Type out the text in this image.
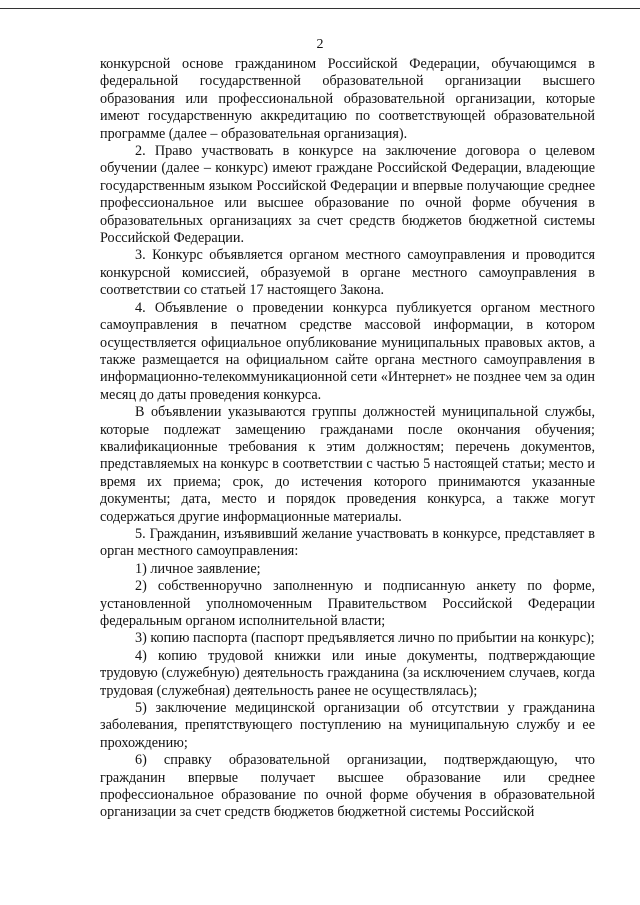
2

конкурсной основе гражданином Российской Федерации, обучающимся в федеральной государственной образовательной организации высшего образования или профессиональной образовательной организации, которые имеют государственную аккредитацию по соответствующей образовательной программе (далее – образовательная организация).

2. Право участвовать в конкурсе на заключение договора о целевом обучении (далее – конкурс) имеют граждане Российской Федерации, владеющие государственным языком Российской Федерации и впервые получающие среднее профессиональное или высшее образование по очной форме обучения в образовательных организациях за счет средств бюджетов бюджетной системы Российской Федерации.

3. Конкурс объявляется органом местного самоуправления и проводится конкурсной комиссией, образуемой в органе местного самоуправления в соответствии со статьей 17 настоящего Закона.

4. Объявление о проведении конкурса публикуется органом местного самоуправления в печатном средстве массовой информации, в котором осуществляется официальное опубликование муниципальных правовых актов, а также размещается на официальном сайте органа местного самоуправления в информационно-телекоммуникационной сети «Интернет» не позднее чем за один месяц до даты проведения конкурса.

В объявлении указываются группы должностей муниципальной службы, которые подлежат замещению гражданами после окончания обучения; квалификационные требования к этим должностям; перечень документов, представляемых на конкурс в соответствии с частью 5 настоящей статьи; место и время их приема; срок, до истечения которого принимаются указанные документы; дата, место и порядок проведения конкурса, а также могут содержаться другие информационные материалы.

5. Гражданин, изъявивший желание участвовать в конкурсе, представляет в орган местного самоуправления:

1) личное заявление;

2) собственноручно заполненную и подписанную анкету по форме, установленной уполномоченным Правительством Российской Федерации федеральным органом исполнительной власти;

3) копию паспорта (паспорт предъявляется лично по прибытии на конкурс);

4) копию трудовой книжки или иные документы, подтверждающие трудовую (служебную) деятельность гражданина (за исключением случаев, когда трудовая (служебная) деятельность ранее не осуществлялась);

5) заключение медицинской организации об отсутствии у гражданина заболевания, препятствующего поступлению на муниципальную службу и ее прохождению;

6) справку образовательной организации, подтверждающую, что гражданин впервые получает высшее образование или среднее профессиональное образование по очной форме обучения в образовательной организации за счет средств бюджетов бюджетной системы Российской
